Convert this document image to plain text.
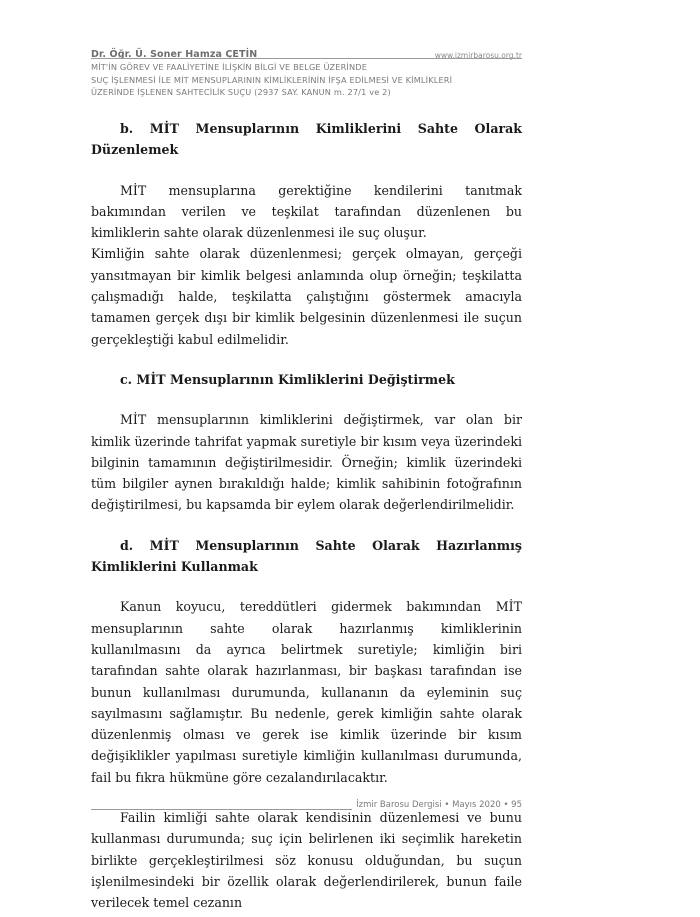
Dr. Öğr. Ü. Soner Hamza ÇETİN	www.izmirbarosu.org.tr
MİT'İN GÖREV VE FAALİYETİNE İLİŞKİN BİLGİ VE BELGE ÜZERİNDE
SUÇ İŞLENMESİ İLE MİT MENSUPLARININ KİMLİKLERİNİN İFŞA EDİLMESİ VE KİMLİKLERİ
ÜZERİNDE İŞLENEN SAHTECİLİK SUÇU (2937 SAY. KANUN m. 27/1 ve 2)

b. MİT Mensuplarının Kimliklerini Sahte Olarak Düzenlemek

MİT mensuplarına gerektiğine kendilerini tanıtmak bakımından verilen ve teşkilat tarafından düzenlenen bu kimliklerin sahte olarak düzenlenmesi ile suç oluşur.

Kimliğin sahte olarak düzenlenmesi; gerçek olmayan, gerçeği yansıtmayan bir kimlik belgesi anlamında olup örneğin; teşkilatta çalışmadığı halde, teşkilatta çalıştığını göstermek amacıyla tamamen gerçek dışı bir kimlik belgesinin düzenlenmesi ile suçun gerçekleştiği kabul edilmelidir.

c. MİT Mensuplarının Kimliklerini Değiştirmek

MİT mensuplarının kimliklerini değiştirmek, var olan bir kimlik üzerinde tahrifat yapmak suretiyle bir kısım veya üzerindeki bilginin tamamının değiştirilmesidir. Örneğin; kimlik üzerindeki tüm bilgiler aynen bırakıldığı halde; kimlik sahibinin fotoğrafının değiştirilmesi, bu kapsamda bir eylem olarak değerlendirilmelidir.

d. MİT Mensuplarının Sahte Olarak Hazırlanmış Kimliklerini Kullanmak

Kanun koyucu, tereddütleri gidermek bakımından MİT mensuplarının sahte olarak hazırlanmış kimliklerinin kullanılmasını da ayrıca belirtmek suretiyle; kimliğin biri tarafından sahte olarak hazırlanması, bir başkası tarafından ise bunun kullanılması durumunda, kullananın da eyleminin suç sayılmasını sağlamıştır. Bu nedenle, gerek kimliğin sahte olarak düzenlenmiş olması ve gerek ise kimlik üzerinde bir kısım değişiklikler yapılması suretiyle kimliğin kullanılması durumunda, fail bu fıkra hükmüne göre cezalandırılacaktır.

Failin kimliği sahte olarak kendisinin düzenlemesi ve bunu kullanması durumunda; suç için belirlenen iki seçimlik hareketin birlikte gerçekleştirilmesi söz konusu olduğundan, bu suçun işlenilmesindeki bir özellik olarak değerlendirilerek, bunun faile verilecek temel cezanın

İzmir Barosu Dergisi • Mayıs 2020 • 95
